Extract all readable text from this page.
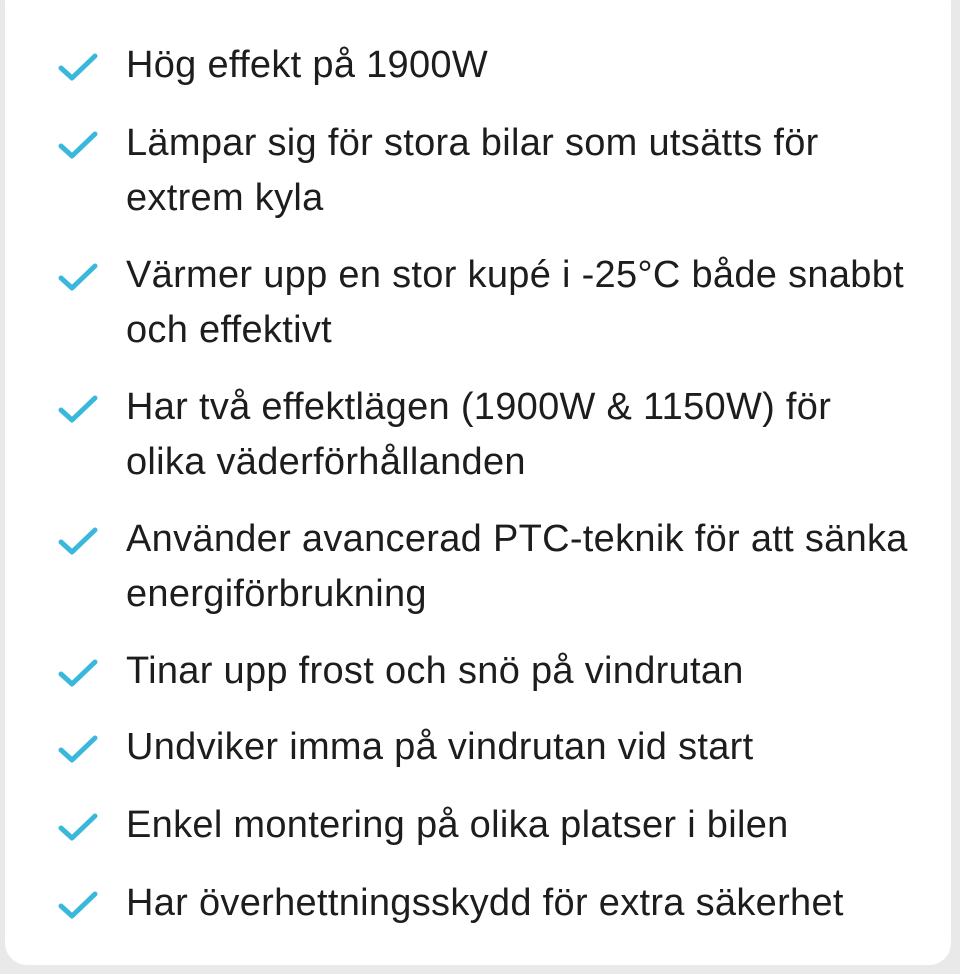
Hög effekt på 1900W
Lämpar sig för stora bilar som utsätts för extrem kyla
Värmer upp en stor kupé i -25°C både snabbt och effektivt
Har två effektlägen (1900W & 1150W) för olika väderförhållanden
Använder avancerad PTC-teknik för att sänka energiförbrukning
Tinar upp frost och snö på vindrutan
Undviker imma på vindrutan vid start
Enkel montering på olika platser i bilen
Har överhettningsskydd för extra säkerhet
